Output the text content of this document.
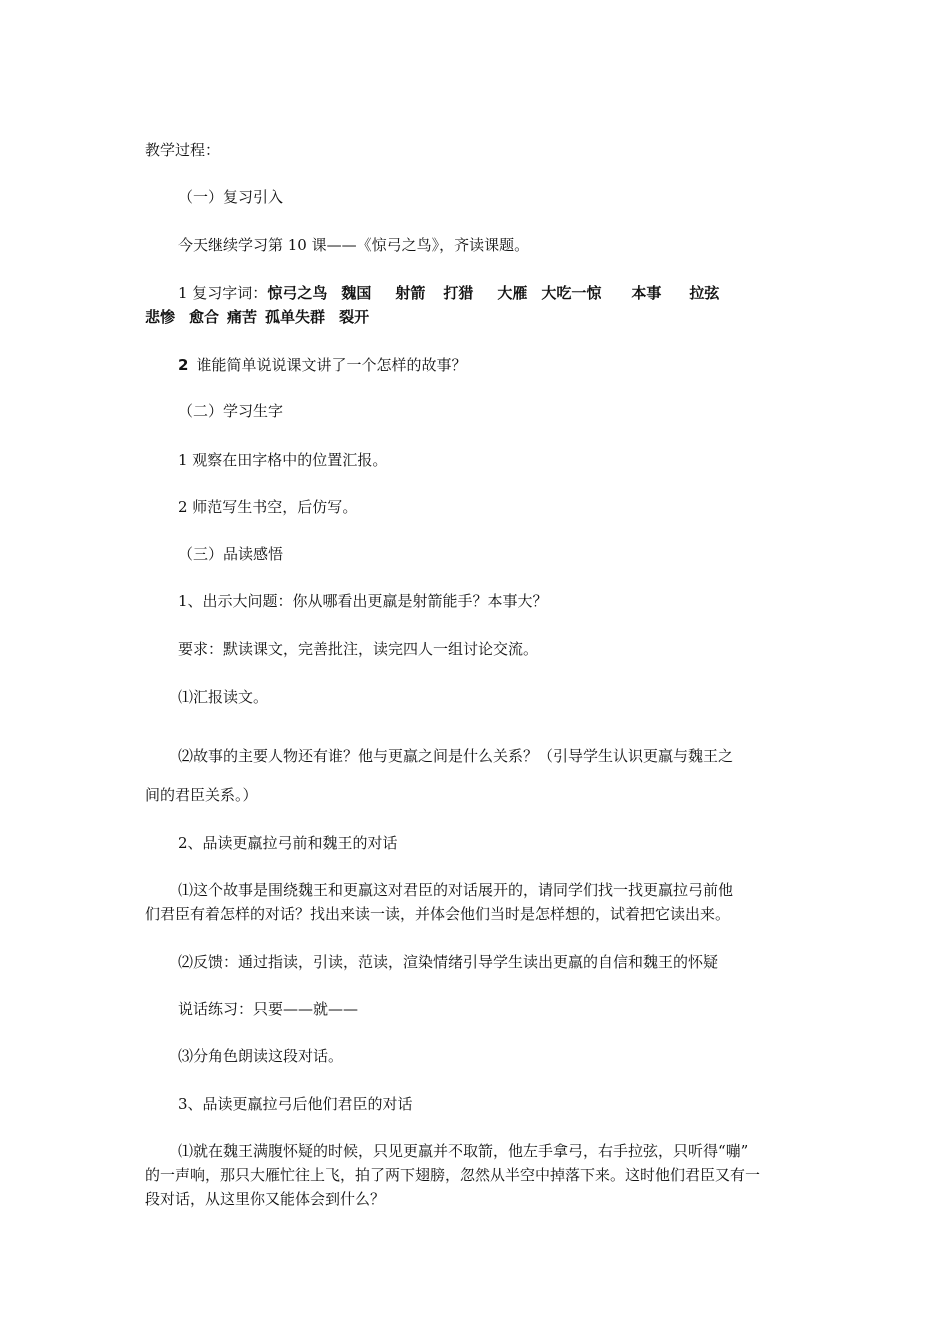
教学过程：
（一）复习引入
今天继续学习第 10 课——《惊弓之鸟》，齐读课题。
1 复习字词：惊弓之鸟 魏国 射箭 打猎 大雁 大吃一惊 本事 拉弦
悲惨 愈合 痛苦 孤单失群 裂开
2 谁能简单说说课文讲了一个怎样的故事？
（二）学习生字
1 观察在田字格中的位置汇报。
2 师范写生书空，后仿写。
（三）品读感悟
1、出示大问题：你从哪看出更羸是射箭能手？本事大？
要求：默读课文，完善批注，读完四人一组讨论交流。
⑴汇报读文。
⑵故事的主要人物还有谁？他与更羸之间是什么关系？（引导学生认识更羸与魏王之
间的君臣关系。）
2、品读更羸拉弓前和魏王的对话
⑴这个故事是围绕魏王和更羸这对君臣的对话展开的，请同学们找一找更羸拉弓前他
们君臣有着怎样的对话？找出来读一读，并体会他们当时是怎样想的，试着把它读出来。
⑵反馈：通过指读，引读，范读，渲染情绪引导学生读出更羸的自信和魏王的怀疑
说话练习：只要——就——
⑶分角色朗读这段对话。
3、品读更羸拉弓后他们君臣的对话
⑴就在魏王满腹怀疑的时候，只见更羸并不取箭，他左手拿弓，右手拉弦，只听得“嘣”
的一声响，那只大雁忙往上飞，拍了两下翅膀，忽然从半空中掉落下来。这时他们君臣又有一
段对话，从这里你又能体会到什么？
